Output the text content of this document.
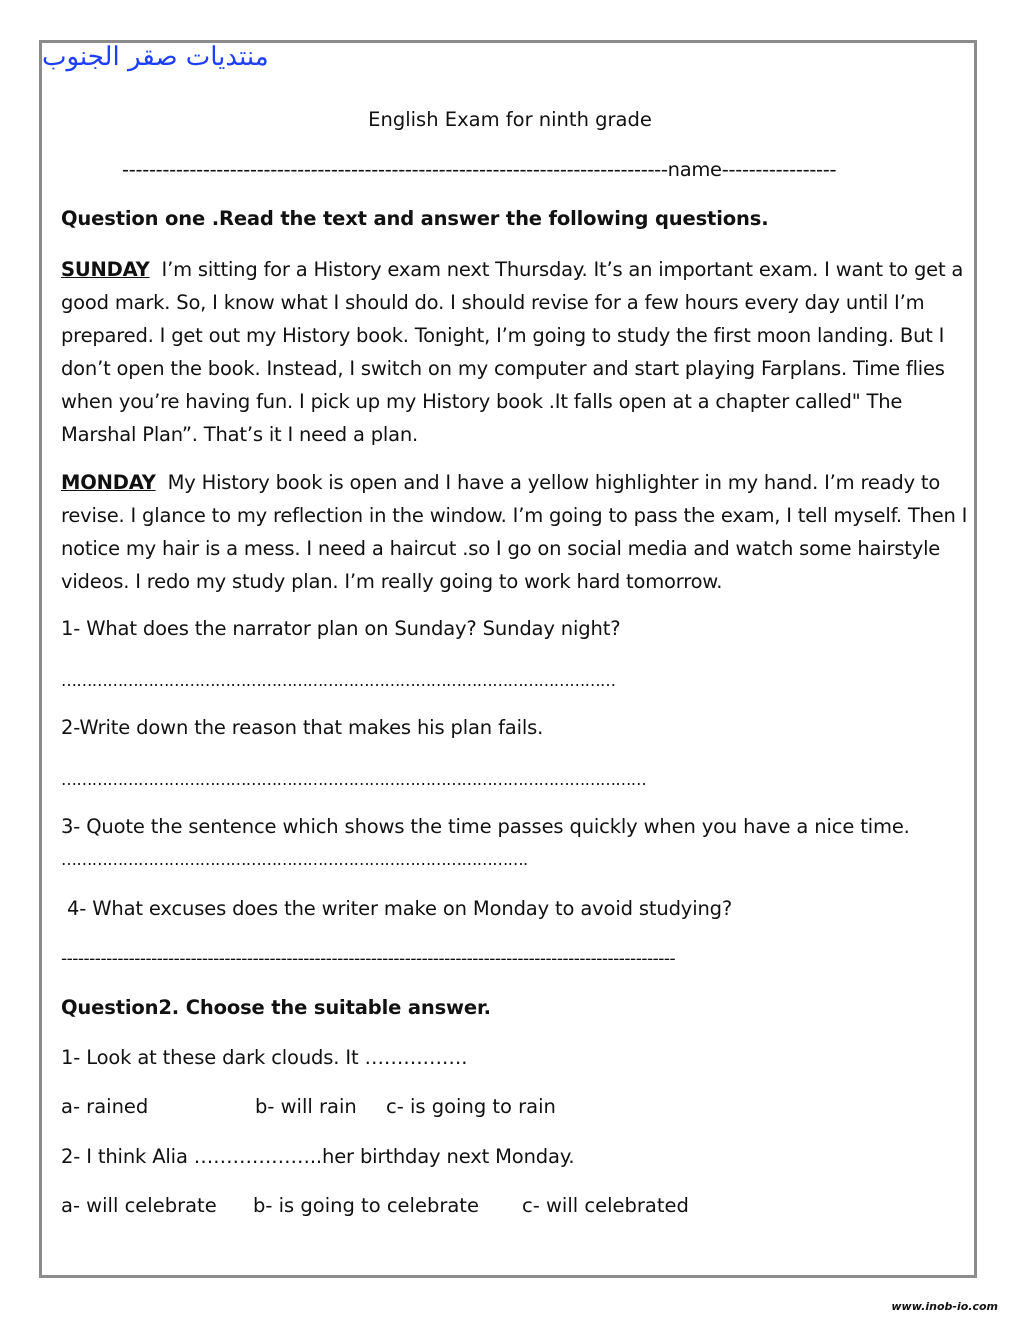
منتديات صقر الجنوب
English Exam for ninth grade
---------------------------------------------------------------------------------name-----------------
Question one .Read the text and answer the following questions.
SUNDAY  I’m sitting for a History exam next Thursday. It’s an important exam. I want to get a
good mark. So, I know what I should do. I should revise for a few hours every day until I’m
prepared. I get out my History book. Tonight, I’m going to study the first moon landing. But I
don’t open the book. Instead, I switch on my computer and start playing Farplans. Time flies
when you’re having fun. I pick up my History book .It falls open at a chapter called" The
Marshal Plan”. That’s it I need a plan.
MONDAY  My History book is open and I have a yellow highlighter in my hand. I’m ready to
revise. I glance to my reflection in the window. I’m going to pass the exam, I tell myself. Then I
notice my hair is a mess. I need a haircut .so I go on social media and watch some hairstyle
videos. I redo my study plan. I’m really going to work hard tomorrow.
1- What does the narrator plan on Sunday? Sunday night?
………………………………………………………………………………………………
2-Write down the reason that makes his plan fails.
……………………………………………………………………………………………………
3- Quote the sentence which shows the time passes quickly when you have a nice time.
……………………………………………………………………………….
4- What excuses does the writer make on Monday to avoid studying?
-------------------------------------------------------------------------------------------------------------
Question2. Choose the suitable answer.
1- Look at these dark clouds. It …………….
a- rained	b- will rain c- is going to rain
2- I think Alia ………………..her birthday next Monday.
a- will celebrate b- is going to celebrate c- will celebrated
www.inob-io.com
